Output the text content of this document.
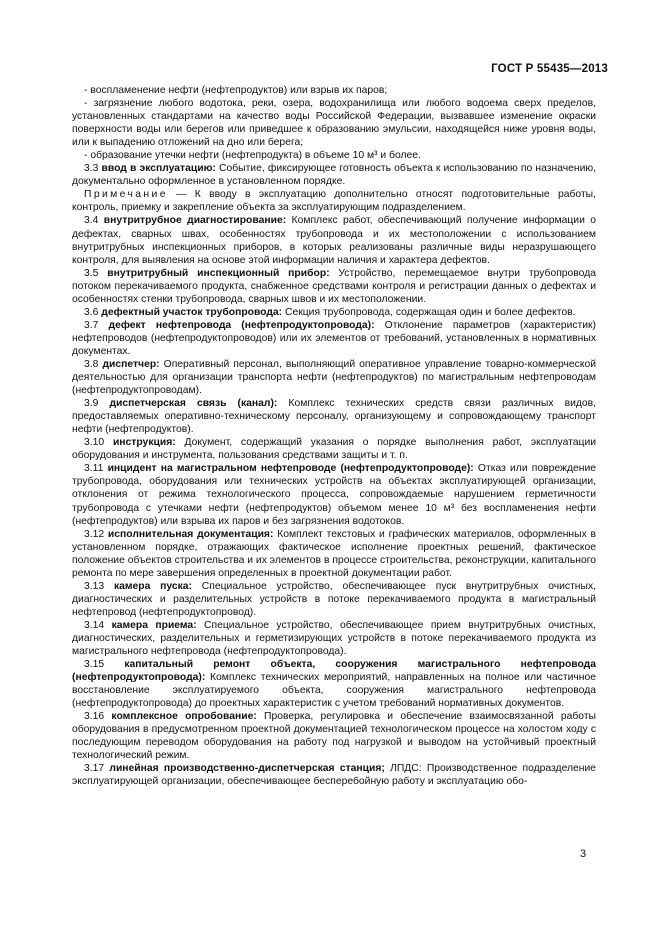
ГОСТ Р 55435—2013

- воспламенение нефти (нефтепродуктов) или взрыв их паров;

- загрязнение любого водотока, реки, озера, водохранилища или любого водоема сверх пределов, установленных стандартами на качество воды Российской Федерации, вызвавшее изменение окраски поверхности воды или берегов или приведшее к образованию эмульсии, находящейся ниже уровня воды, или к выпадению отложений на дно или берега;

- образование утечки нефти (нефтепродукта) в объеме 10 м³ и более.

3.3 ввод в эксплуатацию: Событие, фиксирующее готовность объекта к использованию по назначению, документально оформленное в установленном порядке.

Примечание — К вводу в эксплуатацию дополнительно относят подготовительные работы, контроль, приемку и закрепление объекта за эксплуатирующим подразделением.

3.4 внутритрубное диагностирование: Комплекс работ, обеспечивающий получение информации о дефектах, сварных швах, особенностях трубопровода и их местоположении с использованием внутритрубных инспекционных приборов, в которых реализованы различные виды неразрушающего контроля, для выявления на основе этой информации наличия и характера дефектов.

3.5 внутритрубный инспекционный прибор: Устройство, перемещаемое внутри трубопровода потоком перекачиваемого продукта, снабженное средствами контроля и регистрации данных о дефектах и особенностях стенки трубопровода, сварных швов и их местоположении.

3.6 дефектный участок трубопровода: Секция трубопровода, содержащая один и более дефектов.

3.7 дефект нефтепровода (нефтепродуктопровода): Отклонение параметров (характеристик) нефтепроводов (нефтепродуктопроводов) или их элементов от требований, установленных в нормативных документах.

3.8 диспетчер: Оперативный персонал, выполняющий оперативное управление товарно-коммерческой деятельностью для организации транспорта нефти (нефтепродуктов) по магистральным нефтепроводам (нефтепродуктопроводам).

3.9 диспетчерская связь (канал): Комплекс технических средств связи различных видов, предоставляемых оперативно-техническому персоналу, организующему и сопровождающему транспорт нефти (нефтепродуктов).

3.10 инструкция: Документ, содержащий указания о порядке выполнения работ, эксплуатации оборудования и инструмента, пользования средствами защиты и т. п.

3.11 инцидент на магистральном нефтепроводе (нефтепродуктопроводе): Отказ или повреждение трубопровода, оборудования или технических устройств на объектах эксплуатирующей организации, отклонения от режима технологического процесса, сопровождаемые нарушением герметичности трубопровода с утечками нефти (нефтепродуктов) объемом менее 10 м³ без воспламенения нефти (нефтепродуктов) или взрыва их паров и без загрязнения водотоков.

3.12 исполнительная документация: Комплект текстовых и графических материалов, оформленных в установленном порядке, отражающих фактическое исполнение проектных решений, фактическое положение объектов строительства и их элементов в процессе строительства, реконструкции, капитального ремонта по мере завершения определенных в проектной документации работ.

3.13 камера пуска: Специальное устройство, обеспечивающее пуск внутритрубных очистных, диагностических и разделительных устройств в потоке перекачиваемого продукта в магистральный нефтепровод (нефтепродуктопровод).

3.14 камера приема: Специальное устройство, обеспечивающее прием внутритрубных очистных, диагностических, разделительных и герметизирующих устройств в потоке перекачиваемого продукта из магистрального нефтепровода (нефтепродуктопровода).

3.15 капитальный ремонт объекта, сооружения магистрального нефтепровода (нефтепродуктопровода): Комплекс технических мероприятий, направленных на полное или частичное восстановление эксплуатируемого объекта, сооружения магистрального нефтепровода (нефтепродуктопровода) до проектных характеристик с учетом требований нормативных документов.

3.16 комплексное опробование: Проверка, регулировка и обеспечение взаимосвязанной работы оборудования в предусмотренном проектной документацией технологическом процессе на холостом ходу с последующим переводом оборудования на работу под нагрузкой и выводом на устойчивый проектный технологический режим.

3.17 линейная производственно-диспетчерская станция; ЛПДС: Производственное подразделение эксплуатирующей организации, обеспечивающее бесперебойную работу и эксплуатацию обо-

3
